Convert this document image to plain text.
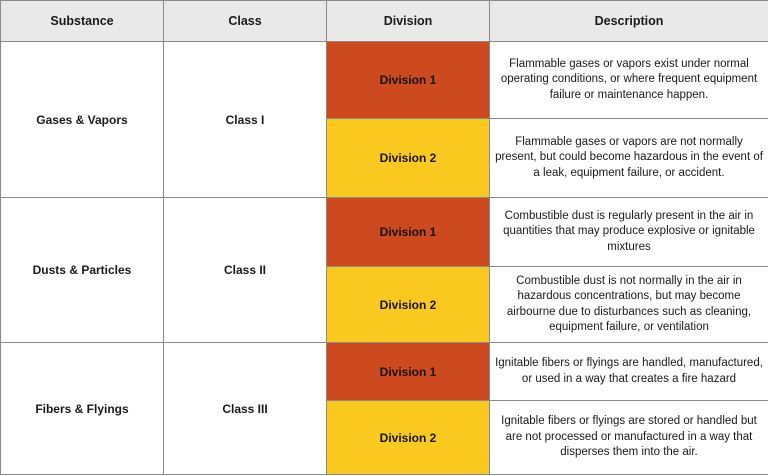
Substance	Class	Division	Description
Gases & Vapors	Class I	Division 1	Flammable gases or vapors exist under normal operating conditions, or where frequent equipment failure or maintenance happen.
		Division 2	Flammable gases or vapors are not normally present, but could become hazardous in the event of a leak, equipment failure, or accident.
Dusts & Particles	Class II	Division 1	Combustible dust is regularly present in the air in quantities that may produce explosive or ignitable mixtures
		Division 2	Combustible dust is not normally in the air in hazardous concentrations, but may become airbourne due to disturbances such as cleaning, equipment failure, or ventilation
Fibers & Flyings	Class III	Division 1	Ignitable fibers or flyings are handled, manufactured, or used in a way that creates a fire hazard
		Division 2	Ignitable fibers or flyings are stored or handled but are not processed or manufactured in a way that disperses them into the air.
